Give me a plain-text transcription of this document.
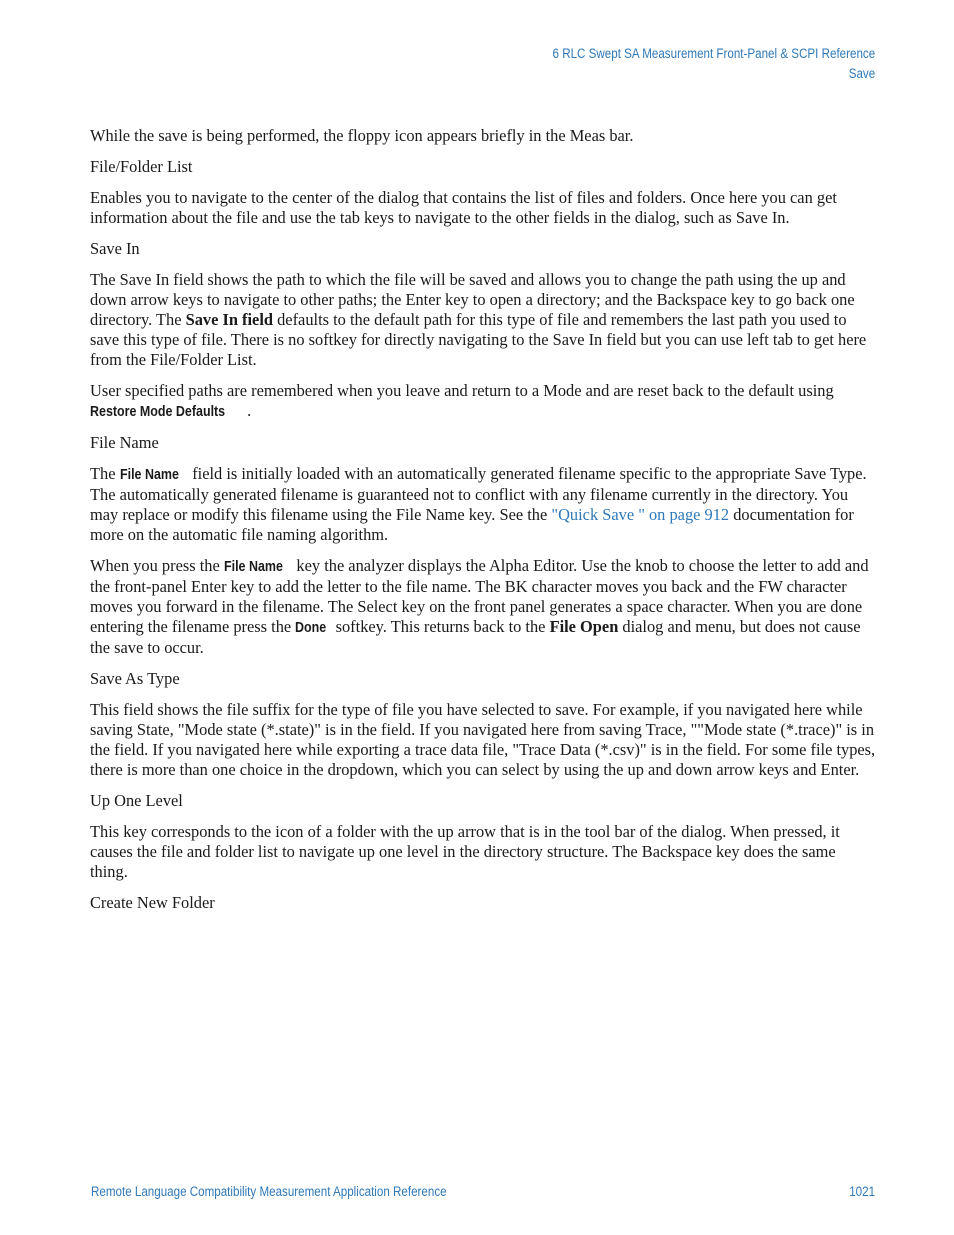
6 RLC Swept SA Measurement Front-Panel & SCPI Reference
Save

While the save is being performed, the floppy icon appears briefly in the Meas bar.

File/Folder List

Enables you to navigate to the center of the dialog that contains the list of files and folders. Once here you can get information about the file and use the tab keys to navigate to the other fields in the dialog, such as Save In.

Save In

The Save In field shows the path to which the file will be saved and allows you to change the path using the up and down arrow keys to navigate to other paths; the Enter key to open a directory; and the Backspace key to go back one directory. The Save In field defaults to the default path for this type of file and remembers the last path you used to save this type of file. There is no softkey for directly navigating to the Save In field but you can use left tab to get here from the File/Folder List.

User specified paths are remembered when you leave and return to a Mode and are reset back to the default using Restore Mode Defaults .

File Name

The File Name field is initially loaded with an automatically generated filename specific to the appropriate Save Type. The automatically generated filename is guaranteed not to conflict with any filename currently in the directory. You may replace or modify this filename using the File Name key. See the "Quick Save " on page 912 documentation for more on the automatic file naming algorithm.

When you press the File Name key the analyzer displays the Alpha Editor. Use the knob to choose the letter to add and the front-panel Enter key to add the letter to the file name. The BK character moves you back and the FW character moves you forward in the filename. The Select key on the front panel generates a space character. When you are done entering the filename press the Done softkey. This returns back to the File Open dialog and menu, but does not cause the save to occur.

Save As Type

This field shows the file suffix for the type of file you have selected to save. For example, if you navigated here while saving State, "Mode state (*.state)" is in the field. If you navigated here from saving Trace, ""Mode state (*.trace)" is in the field. If you navigated here while exporting a trace data file, "Trace Data (*.csv)" is in the field. For some file types, there is more than one choice in the dropdown, which you can select by using the up and down arrow keys and Enter.

Up One Level

This key corresponds to the icon of a folder with the up arrow that is in the tool bar of the dialog. When pressed, it causes the file and folder list to navigate up one level in the directory structure. The Backspace key does the same thing.

Create New Folder

Remote Language Compatibility Measurement Application Reference	1021
